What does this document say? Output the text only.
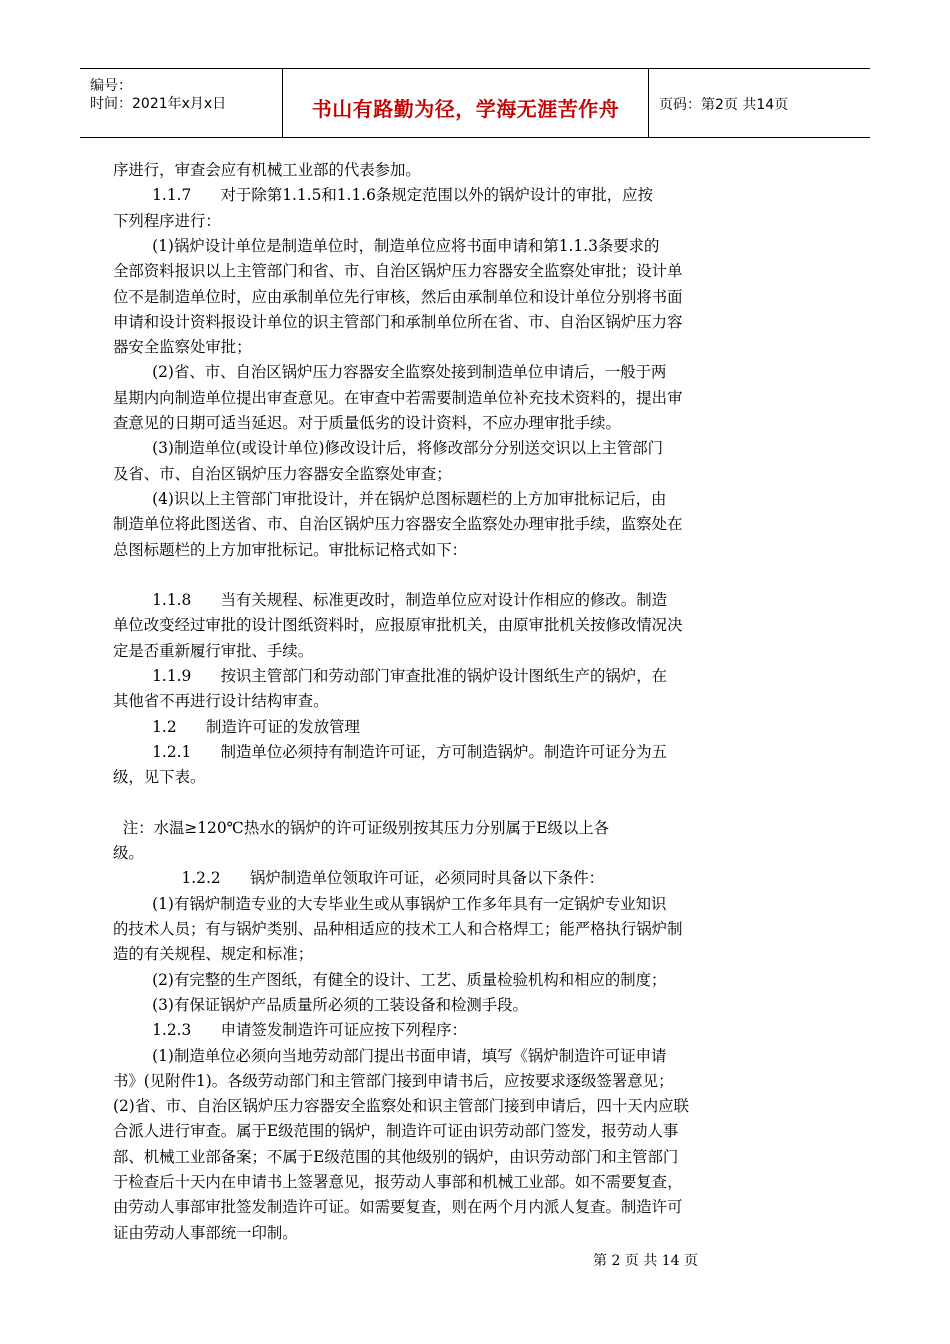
编号：
时间：2021年x月x日	书山有路勤为径，学海无涯苦作舟	页码：第2页 共14页
序进行，审查会应有机械工业部的代表参加。
1.1.7      对于除第1.1.5和1.1.6条规定范围以外的锅炉设计的审批，应按
下列程序进行：
(1)锅炉设计单位是制造单位时，制造单位应将书面申请和第1.1.3条要求的
全部资料报识以上主管部门和省、市、自治区锅炉压力容器安全监察处审批；设计单
位不是制造单位时，应由承制单位先行审核，然后由承制单位和设计单位分别将书面
申请和设计资料报设计单位的识主管部门和承制单位所在省、市、自治区锅炉压力容
器安全监察处审批；
(2)省、市、自治区锅炉压力容器安全监察处接到制造单位申请后，一般于两
星期内向制造单位提出审查意见。在审查中若需要制造单位补充技术资料的，提出审
查意见的日期可适当延迟。对于质量低劣的设计资料，不应办理审批手续。
(3)制造单位(或设计单位)修改设计后，将修改部分分别送交识以上主管部门
及省、市、自治区锅炉压力容器安全监察处审查；
(4)识以上主管部门审批设计，并在锅炉总图标题栏的上方加审批标记后，由
制造单位将此图送省、市、自治区锅炉压力容器安全监察处办理审批手续，监察处在
总图标题栏的上方加审批标记。审批标记格式如下：
1.1.8      当有关规程、标准更改时，制造单位应对设计作相应的修改。制造
单位改变经过审批的设计图纸资料时，应报原审批机关，由原审批机关按修改情况决
定是否重新履行审批、手续。
1.1.9      按识主管部门和劳动部门审查批准的锅炉设计图纸生产的锅炉，在
其他省不再进行设计结构审查。
1.2      制造许可证的发放管理
1.2.1      制造单位必须持有制造许可证，方可制造锅炉。制造许可证分为五
级，见下表。
注：水温≥120℃热水的锅炉的许可证级别按其压力分别属于E级以上各
级。
1.2.2      锅炉制造单位领取许可证，必须同时具备以下条件：
(1)有锅炉制造专业的大专毕业生或从事锅炉工作多年具有一定锅炉专业知识
的技术人员；有与锅炉类别、品种相适应的技术工人和合格焊工；能严格执行锅炉制
造的有关规程、规定和标准；
(2)有完整的生产图纸，有健全的设计、工艺、质量检验机构和相应的制度；
(3)有保证锅炉产品质量所必须的工装设备和检测手段。
1.2.3      申请签发制造许可证应按下列程序：
(1)制造单位必须向当地劳动部门提出书面申请，填写《锅炉制造许可证申请
书》(见附件1)。各级劳动部门和主管部门接到申请书后，应按要求逐级签署意见；
(2)省、市、自治区锅炉压力容器安全监察处和识主管部门接到申请后，四十天内应联
合派人进行审查。属于E级范围的锅炉，制造许可证由识劳动部门签发，报劳动人事
部、机械工业部备案；不属于E级范围的其他级别的锅炉，由识劳动部门和主管部门
于检查后十天内在申请书上签署意见，报劳动人事部和机械工业部。如不需要复查，
由劳动人事部审批签发制造许可证。如需要复查，则在两个月内派人复查。制造许可
证由劳动人事部统一印制。
第 2 页 共 14 页
